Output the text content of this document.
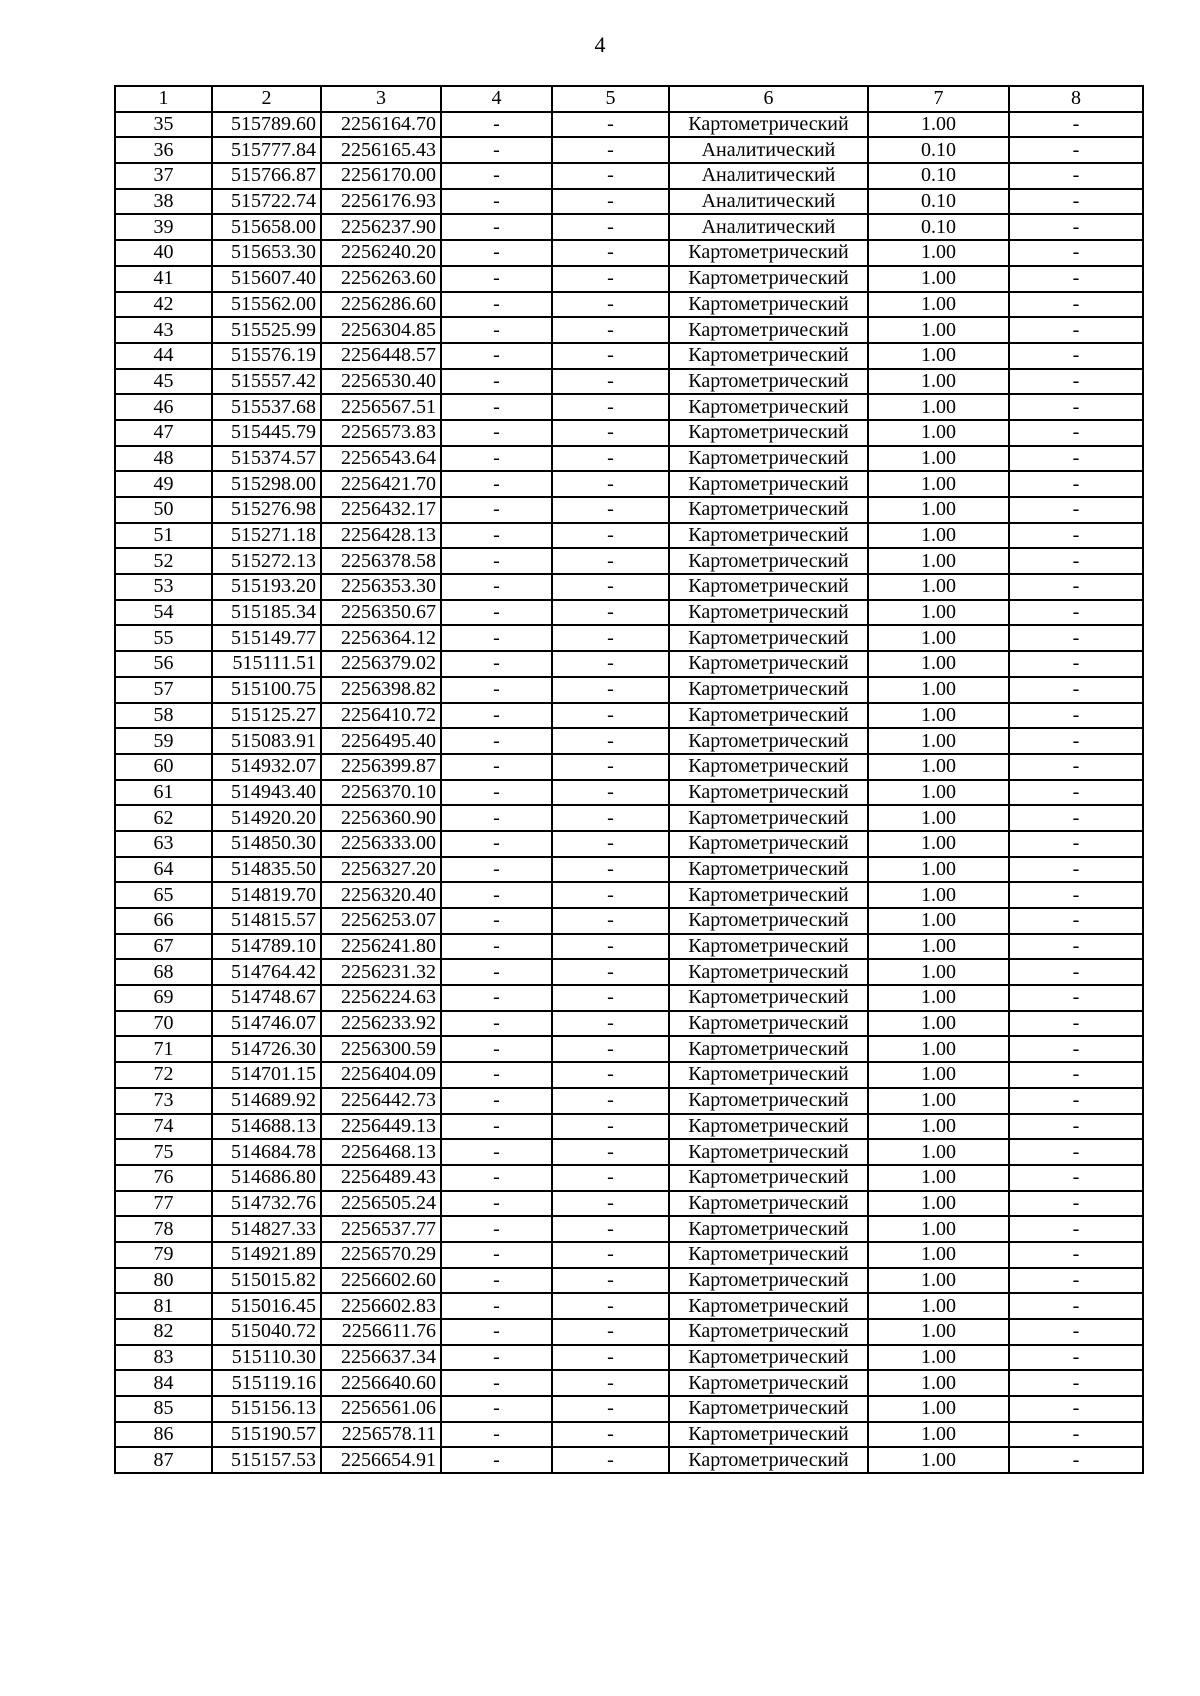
4
1	2	3	4	5	6	7	8
35	515789.60	2256164.70	-	-	Картометрический	1.00	-
36	515777.84	2256165.43	-	-	Аналитический	0.10	-
37	515766.87	2256170.00	-	-	Аналитический	0.10	-
38	515722.74	2256176.93	-	-	Аналитический	0.10	-
39	515658.00	2256237.90	-	-	Аналитический	0.10	-
40	515653.30	2256240.20	-	-	Картометрический	1.00	-
41	515607.40	2256263.60	-	-	Картометрический	1.00	-
42	515562.00	2256286.60	-	-	Картометрический	1.00	-
43	515525.99	2256304.85	-	-	Картометрический	1.00	-
44	515576.19	2256448.57	-	-	Картометрический	1.00	-
45	515557.42	2256530.40	-	-	Картометрический	1.00	-
46	515537.68	2256567.51	-	-	Картометрический	1.00	-
47	515445.79	2256573.83	-	-	Картометрический	1.00	-
48	515374.57	2256543.64	-	-	Картометрический	1.00	-
49	515298.00	2256421.70	-	-	Картометрический	1.00	-
50	515276.98	2256432.17	-	-	Картометрический	1.00	-
51	515271.18	2256428.13	-	-	Картометрический	1.00	-
52	515272.13	2256378.58	-	-	Картометрический	1.00	-
53	515193.20	2256353.30	-	-	Картометрический	1.00	-
54	515185.34	2256350.67	-	-	Картометрический	1.00	-
55	515149.77	2256364.12	-	-	Картометрический	1.00	-
56	515111.51	2256379.02	-	-	Картометрический	1.00	-
57	515100.75	2256398.82	-	-	Картометрический	1.00	-
58	515125.27	2256410.72	-	-	Картометрический	1.00	-
59	515083.91	2256495.40	-	-	Картометрический	1.00	-
60	514932.07	2256399.87	-	-	Картометрический	1.00	-
61	514943.40	2256370.10	-	-	Картометрический	1.00	-
62	514920.20	2256360.90	-	-	Картометрический	1.00	-
63	514850.30	2256333.00	-	-	Картометрический	1.00	-
64	514835.50	2256327.20	-	-	Картометрический	1.00	-
65	514819.70	2256320.40	-	-	Картометрический	1.00	-
66	514815.57	2256253.07	-	-	Картометрический	1.00	-
67	514789.10	2256241.80	-	-	Картометрический	1.00	-
68	514764.42	2256231.32	-	-	Картометрический	1.00	-
69	514748.67	2256224.63	-	-	Картометрический	1.00	-
70	514746.07	2256233.92	-	-	Картометрический	1.00	-
71	514726.30	2256300.59	-	-	Картометрический	1.00	-
72	514701.15	2256404.09	-	-	Картометрический	1.00	-
73	514689.92	2256442.73	-	-	Картометрический	1.00	-
74	514688.13	2256449.13	-	-	Картометрический	1.00	-
75	514684.78	2256468.13	-	-	Картометрический	1.00	-
76	514686.80	2256489.43	-	-	Картометрический	1.00	-
77	514732.76	2256505.24	-	-	Картометрический	1.00	-
78	514827.33	2256537.77	-	-	Картометрический	1.00	-
79	514921.89	2256570.29	-	-	Картометрический	1.00	-
80	515015.82	2256602.60	-	-	Картометрический	1.00	-
81	515016.45	2256602.83	-	-	Картометрический	1.00	-
82	515040.72	2256611.76	-	-	Картометрический	1.00	-
83	515110.30	2256637.34	-	-	Картометрический	1.00	-
84	515119.16	2256640.60	-	-	Картометрический	1.00	-
85	515156.13	2256561.06	-	-	Картометрический	1.00	-
86	515190.57	2256578.11	-	-	Картометрический	1.00	-
87	515157.53	2256654.91	-	-	Картометрический	1.00	-
